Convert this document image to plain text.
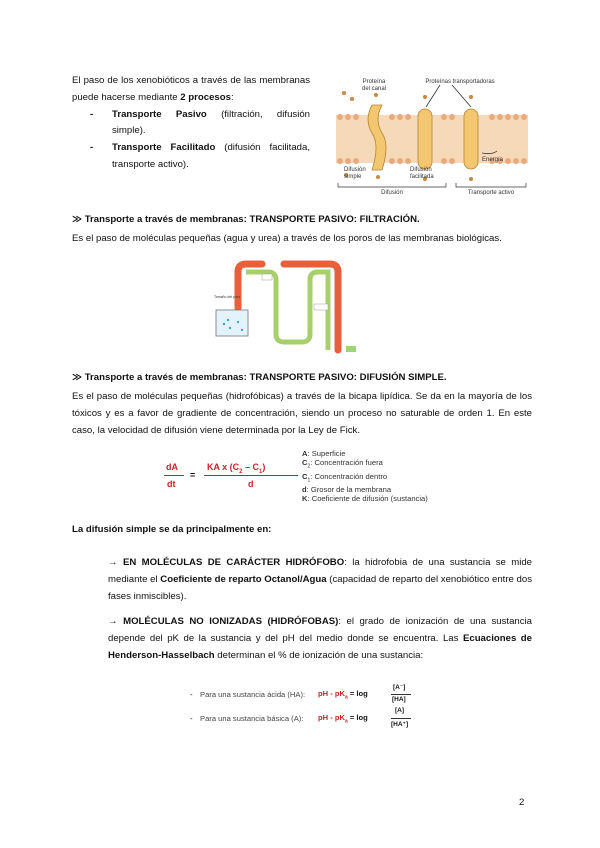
El paso de los xenobióticos a través de las membranas puede hacerse mediante 2 procesos:
-	Transporte Pasivo (filtración, difusión simple).
-	Transporte Facilitado (difusión facilitada, transporte activo).
Proteína del canal
Proteínas transportadoras
Difusión simple
Difusión facilitada
Energía
Difusión	Transporte activo
≫ Transporte a través de membranas: TRANSPORTE PASIVO: FILTRACIÓN.
Es el paso de moléculas pequeñas (agua y urea) a través de los poros de las membranas biológicas.
Tamaño del poro
≫ Transporte a través de membranas: TRANSPORTE PASIVO: DIFUSIÓN SIMPLE.
Es el paso de moléculas pequeñas (hidrofóbicas) a través de la bicapa lipídica. Se da en la mayoría de los tóxicos y es a favor de gradiente de concentración, siendo un proceso no saturable de orden 1. En este caso, la velocidad de difusión viene determinada por la Ley de Fick.
dA
dt
=
KA x $(C_2 - C_1)$
d
A: Superficie
$C_2$: Concentración fuera
$C_1$: Concentración dentro
d: Grosor de la membrana
K: Coeficiente de difusión (sustancia)
La difusión simple se da principalmente en:
→ EN MOLÉCULAS DE CARÁCTER HIDRÓFOBO: la hidrofobia de una sustancia se mide mediante el Coeficiente de reparto Octanol/Agua (capacidad de reparto del xenobiótico entre dos fases inmiscibles).
→ MOLÉCULAS NO IONIZADAS (HIDRÓFOBAS): el grado de ionización de una sustancia depende del pK de la sustancia y del pH del medio donde se encuentra. Las Ecuaciones de Henderson-Hasselbach determinan el % de ionización de una sustancia:
- Para una sustancia ácida (HA): pH - $pK_a = \log$
[A⁻]
[HA]
- Para una sustancia básica (A): pH - $pK_a = \log$
[A]
[HA⁺]
2
